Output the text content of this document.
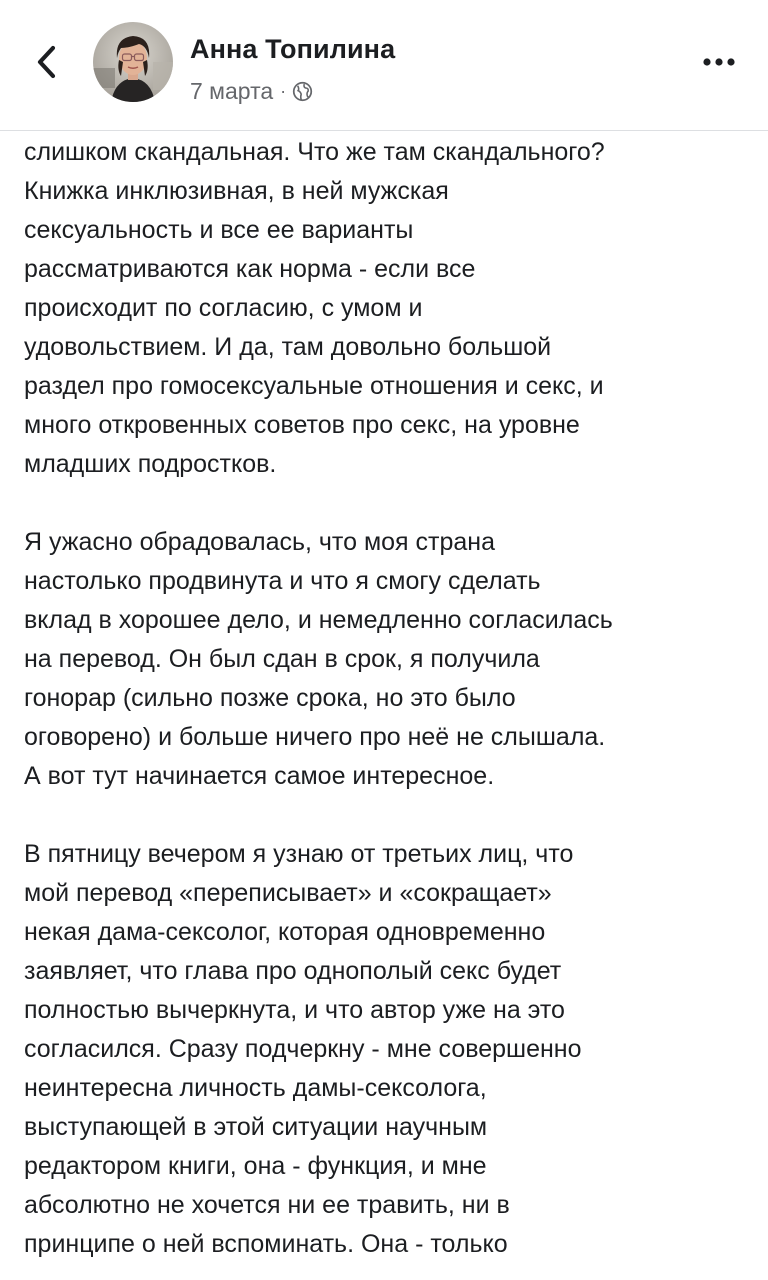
Анна Топилина
7 марта ·
слишком скандальная. Что же там скандального?
Книжка инклюзивная, в ней мужская
сексуальность и все ее варианты
рассматриваются как норма - если все
происходит по согласию, с умом и
удовольствием. И да, там довольно большой
раздел про гомосексуальные отношения и секс, и
много откровенных советов про секс, на уровне
младших подростков.
Я ужасно обрадовалась, что моя страна
настолько продвинута и что я смогу сделать
вклад в хорошее дело, и немедленно согласилась
на перевод. Он был сдан в срок, я получила
гонорар (сильно позже срока, но это было
оговорено) и больше ничего про неё не слышала.
А вот тут начинается самое интересное.
В пятницу вечером я узнаю от третьих лиц, что
мой перевод «переписывает» и «сокращает»
некая дама-сексолог, которая одновременно
заявляет, что глава про однополый секс будет
полностью вычеркнута, и что автор уже на это
согласился. Сразу подчеркну - мне совершенно
неинтересна личность дамы-сексолога,
выступающей в этой ситуации научным
редактором книги, она - функция, и мне
абсолютно не хочется ни ее травить, ни в
принципе о ней вспоминать. Она - только
